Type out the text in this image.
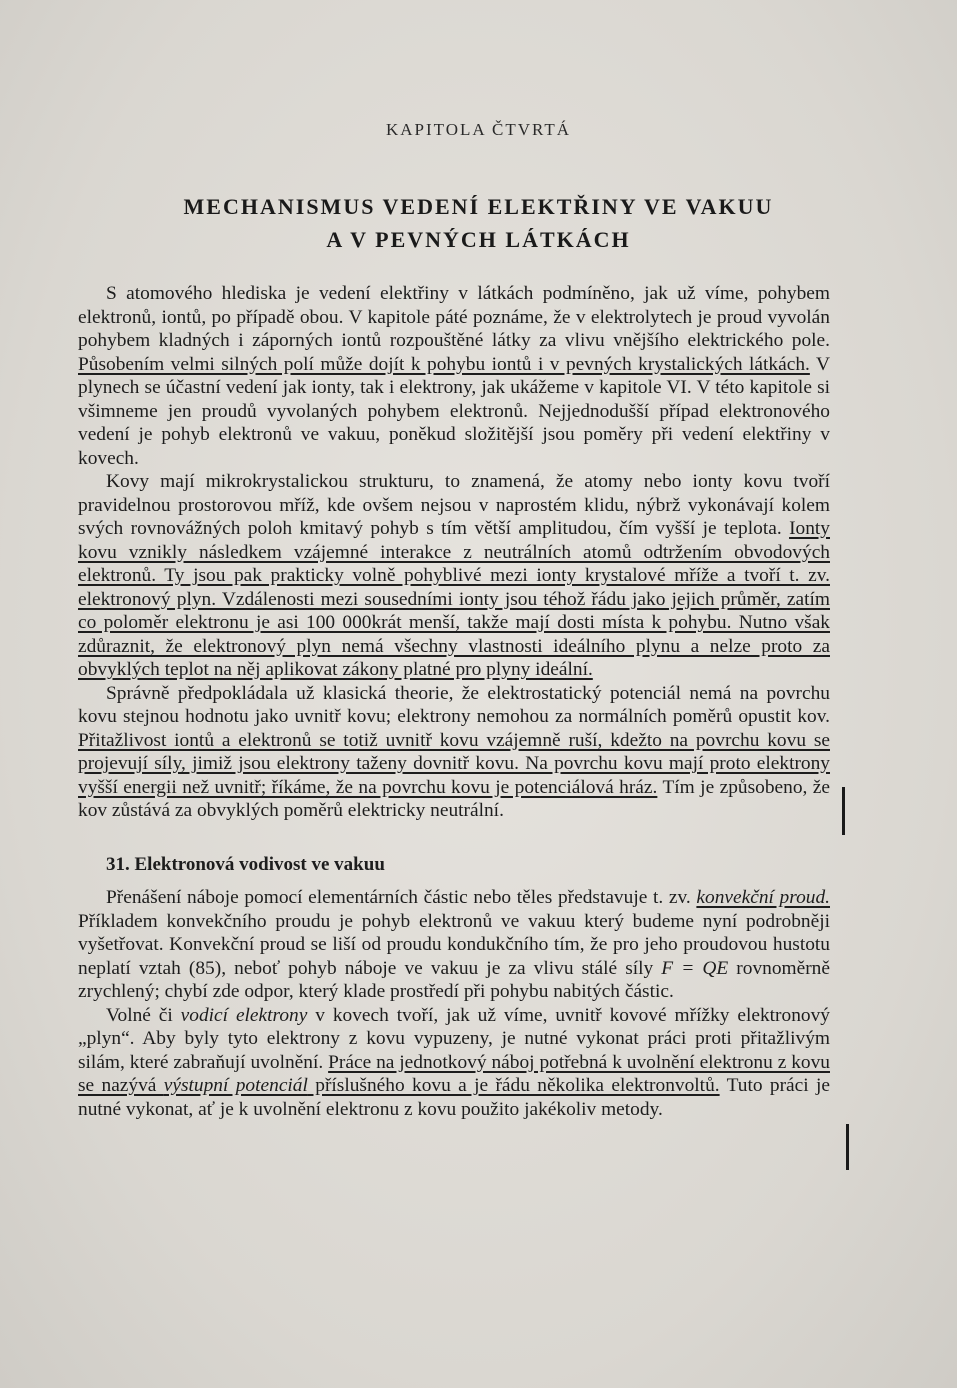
KAPITOLA ČTVRTÁ
MECHANISMUS VEDENÍ ELEKTŘINY VE VAKUU
A V PEVNÝCH LÁTKÁCH

S atomového hlediska je vedení elektřiny v látkách podmíněno, jak už víme, pohybem elektronů, iontů, po případě obou. V kapitole páté poznáme, že v elektrolytech je proud vyvolán pohybem kladných i záporných iontů rozpouštěné látky za vlivu vnějšího elektrického pole. Působením velmi silných polí může dojít k pohybu iontů i v pevných krystalických látkách. V plynech se účastní vedení jak ionty, tak i elektrony, jak ukážeme v kapitole VI. V této kapitole si všimneme jen proudů vyvolaných pohybem elektronů. Nejjednodušší případ elektronového vedení je pohyb elektronů ve vakuu, poněkud složitější jsou poměry při vedení elektřiny v kovech.

Kovy mají mikrokrystalickou strukturu, to znamená, že atomy nebo ionty kovu tvoří pravidelnou prostorovou mříž, kde ovšem nejsou v naprostém klidu, nýbrž vykonávají kolem svých rovnovážných poloh kmitavý pohyb s tím větší amplitudou, čím vyšší je teplota. Ionty kovu vznikly následkem vzájemné interakce z neutrálních atomů odtržením obvodových elektronů. Ty jsou pak prakticky volně pohyblivé mezi ionty krystalové mříže a tvoří t. zv. elektronový plyn. Vzdálenosti mezi sousedními ionty jsou téhož řádu jako jejich průměr, zatím co poloměr elektronu je asi 100 000krát menší, takže mají dosti místa k pohybu. Nutno však zdůraznit, že elektronový plyn nemá všechny vlastnosti ideálního plynu a nelze proto za obvyklých teplot na něj aplikovat zákony platné pro plyny ideální.

Správně předpokládala už klasická theorie, že elektrostatický potenciál nemá na povrchu kovu stejnou hodnotu jako uvnitř kovu; elektrony nemohou za normálních poměrů opustit kov. Přitažlivost iontů a elektronů se totiž uvnitř kovu vzájemně ruší, kdežto na povrchu kovu se projevují síly, jimiž jsou elektrony taženy dovnitř kovu. Na povrchu kovu mají proto elektrony vyšší energii než uvnitř; říkáme, že na povrchu kovu je potenciálová hráz. Tím je způsobeno, že kov zůstává za obvyklých poměrů elektricky neutrální.

31. Elektronová vodivost ve vakuu

Přenášení náboje pomocí elementárních částic nebo těles představuje t. zv. konvekční proud. Příkladem konvekčního proudu je pohyb elektronů ve vakuu který budeme nyní podrobněji vyšetřovat. Konvekční proud se liší od proudu kondukčního tím, že pro jeho proudovou hustotu neplatí vztah (85), neboť pohyb náboje ve vakuu je za vlivu stálé síly F = QE rovnoměrně zrychlený; chybí zde odpor, který klade prostředí při pohybu nabitých částic.

Volné či vodicí elektrony v kovech tvoří, jak už víme, uvnitř kovové mřížky elektronový „plyn“. Aby byly tyto elektrony z kovu vypuzeny, je nutné vykonat práci proti přitažlivým silám, které zabraňují uvolnění. Práce na jednotkový náboj potřebná k uvolnění elektronu z kovu se nazývá výstupní potenciál příslušného kovu a je řádu několika elektronvoltů. Tuto práci je nutné vykonat, ať je k uvolnění elektronu z kovu použito jakékoliv metody.
